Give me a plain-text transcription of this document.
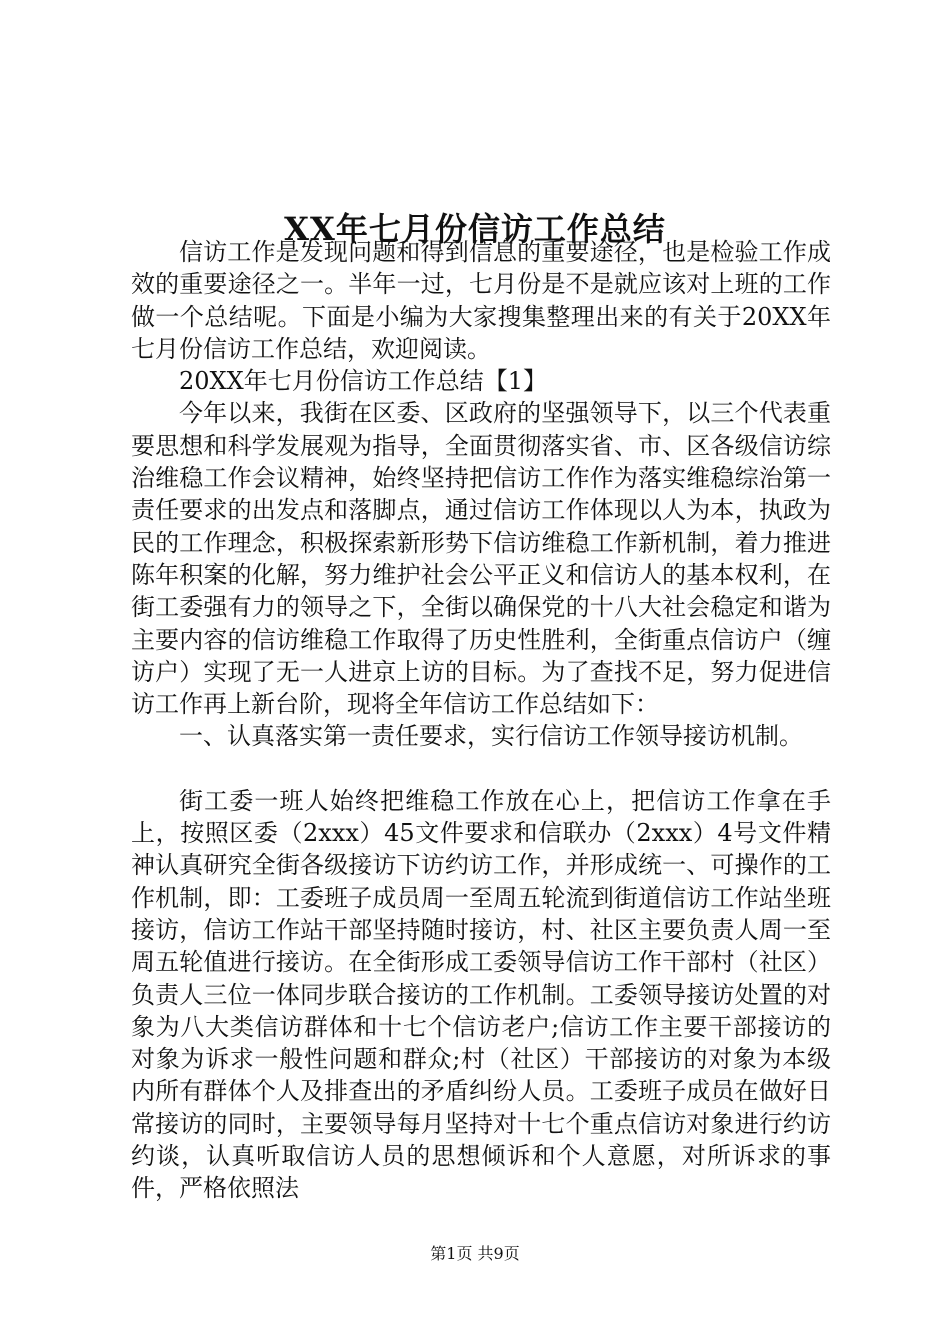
XX年七月份信访工作总结

信访工作是发现问题和得到信息的重要途径，也是检验工作成效的重要途径之一。半年一过，七月份是不是就应该对上班的工作做一个总结呢。下面是小编为大家搜集整理出来的有关于20XX年七月份信访工作总结，欢迎阅读。

20XX年七月份信访工作总结【1】

今年以来，我街在区委、区政府的坚强领导下，以三个代表重要思想和科学发展观为指导，全面贯彻落实省、市、区各级信访综治维稳工作会议精神，始终坚持把信访工作作为落实维稳综治第一责任要求的出发点和落脚点，通过信访工作体现以人为本，执政为民的工作理念，积极探索新形势下信访维稳工作新机制，着力推进陈年积案的化解，努力维护社会公平正义和信访人的基本权利，在街工委强有力的领导之下，全街以确保党的十八大社会稳定和谐为主要内容的信访维稳工作取得了历史性胜利，全街重点信访户（缠访户）实现了无一人进京上访的目标。为了查找不足，努力促进信访工作再上新台阶，现将全年信访工作总结如下：

一、认真落实第一责任要求，实行信访工作领导接访机制。

街工委一班人始终把维稳工作放在心上，把信访工作拿在手上，按照区委（2xxx）45文件要求和信联办（2xxx）4号文件精神认真研究全街各级接访下访约访工作，并形成统一、可操作的工作机制，即：工委班子成员周一至周五轮流到街道信访工作站坐班接访，信访工作站干部坚持随时接访，村、社区主要负责人周一至周五轮值进行接访。在全街形成工委领导信访工作干部村（社区）负责人三位一体同步联合接访的工作机制。工委领导接访处置的对象为八大类信访群体和十七个信访老户;信访工作主要干部接访的对象为诉求一般性问题和群众;村（社区）干部接访的对象为本级内所有群体个人及排查出的矛盾纠纷人员。工委班子成员在做好日常接访的同时，主要领导每月坚持对十七个重点信访对象进行约访约谈，认真听取信访人员的思想倾诉和个人意愿，对所诉求的事件，严格依照法

第1页 共9页
